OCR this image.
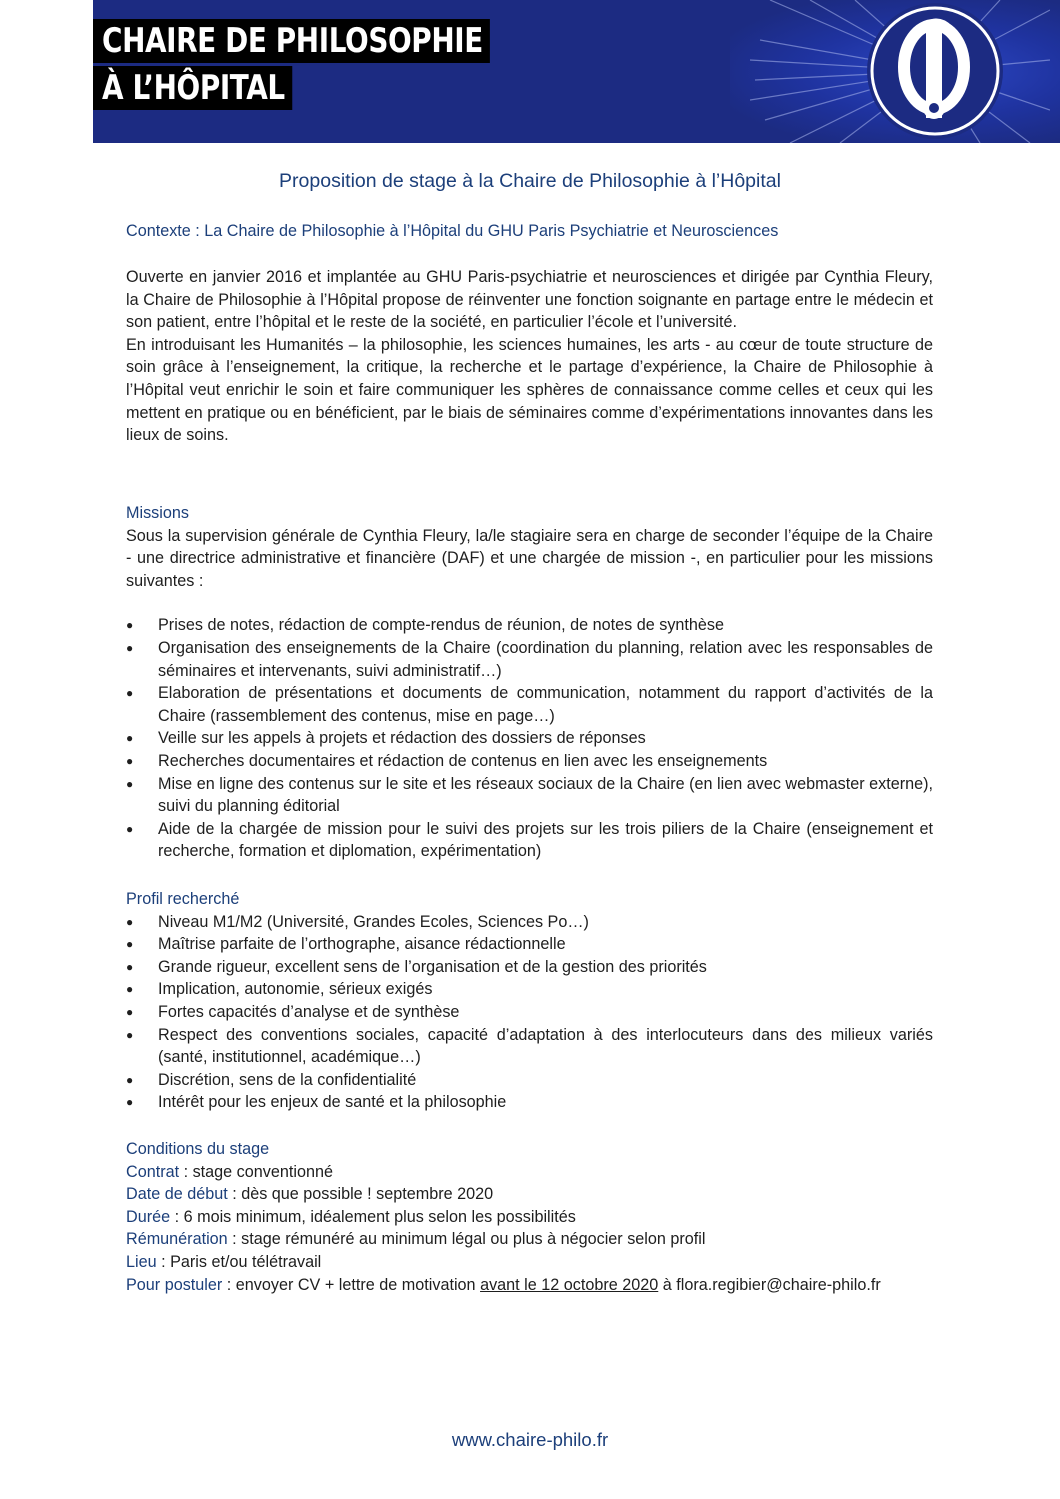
CHAIRE DE PHILOSOPHIE
À L’HÔPITAL
Proposition de stage à la Chaire de Philosophie à l’Hôpital
Contexte : La Chaire de Philosophie à l’Hôpital du GHU Paris Psychiatrie et Neurosciences

Ouverte en janvier 2016 et implantée au GHU Paris-psychiatrie et neurosciences et dirigée par Cynthia Fleury, la Chaire de Philosophie à l’Hôpital propose de réinventer une fonction soignante en partage entre le médecin et son patient, entre l’hôpital et le reste de la société, en particulier l’école et l’université.

En introduisant les Humanités – la philosophie, les sciences humaines, les arts - au cœur de toute structure de soin grâce à l’enseignement, la critique, la recherche et le partage d’expérience, la Chaire de Philosophie à l’Hôpital veut enrichir le soin et faire communiquer les sphères de connaissance comme celles et ceux qui les mettent en pratique ou en bénéficient, par le biais de séminaires comme d’expérimentations innovantes dans les lieux de soins.

Missions

Sous la supervision générale de Cynthia Fleury, la/le stagiaire sera en charge de seconder l’équipe de la Chaire - une directrice administrative et financière (DAF) et une chargée de mission -, en particulier pour les missions suivantes :

● Prises de notes, rédaction de compte-rendus de réunion, de notes de synthèse
● Organisation des enseignements de la Chaire (coordination du planning, relation avec les responsables de séminaires et intervenants, suivi administratif…)
● Elaboration de présentations et documents de communication, notamment du rapport d’activités de la Chaire (rassemblement des contenus, mise en page…)
● Veille sur les appels à projets et rédaction des dossiers de réponses
● Recherches documentaires et rédaction de contenus en lien avec les enseignements
● Mise en ligne des contenus sur le site et les réseaux sociaux de la Chaire (en lien avec webmaster externe), suivi du planning éditorial
● Aide de la chargée de mission pour le suivi des projets sur les trois piliers de la Chaire (enseignement et recherche, formation et diplomation, expérimentation)
Profil recherché
● Niveau M1/M2 (Université, Grandes Ecoles, Sciences Po…)
● Maîtrise parfaite de l’orthographe, aisance rédactionnelle
● Grande rigueur, excellent sens de l’organisation et de la gestion des priorités
● Implication, autonomie, sérieux exigés
● Fortes capacités d’analyse et de synthèse
● Respect des conventions sociales, capacité d’adaptation à des interlocuteurs dans des milieux variés (santé, institutionnel, académique…)
● Discrétion, sens de la confidentialité
● Intérêt pour les enjeux de santé et la philosophie
Conditions du stage
Contrat : stage conventionné
Date de début : dès que possible ! septembre 2020
Durée : 6 mois minimum, idéalement plus selon les possibilités
Rémunération : stage rémunéré au minimum légal ou plus à négocier selon profil
Lieu : Paris et/ou télétravail

Pour postuler : envoyer CV + lettre de motivation avant le 12 octobre 2020 à flora.regibier@chaire-philo.fr

www.chaire-philo.fr
